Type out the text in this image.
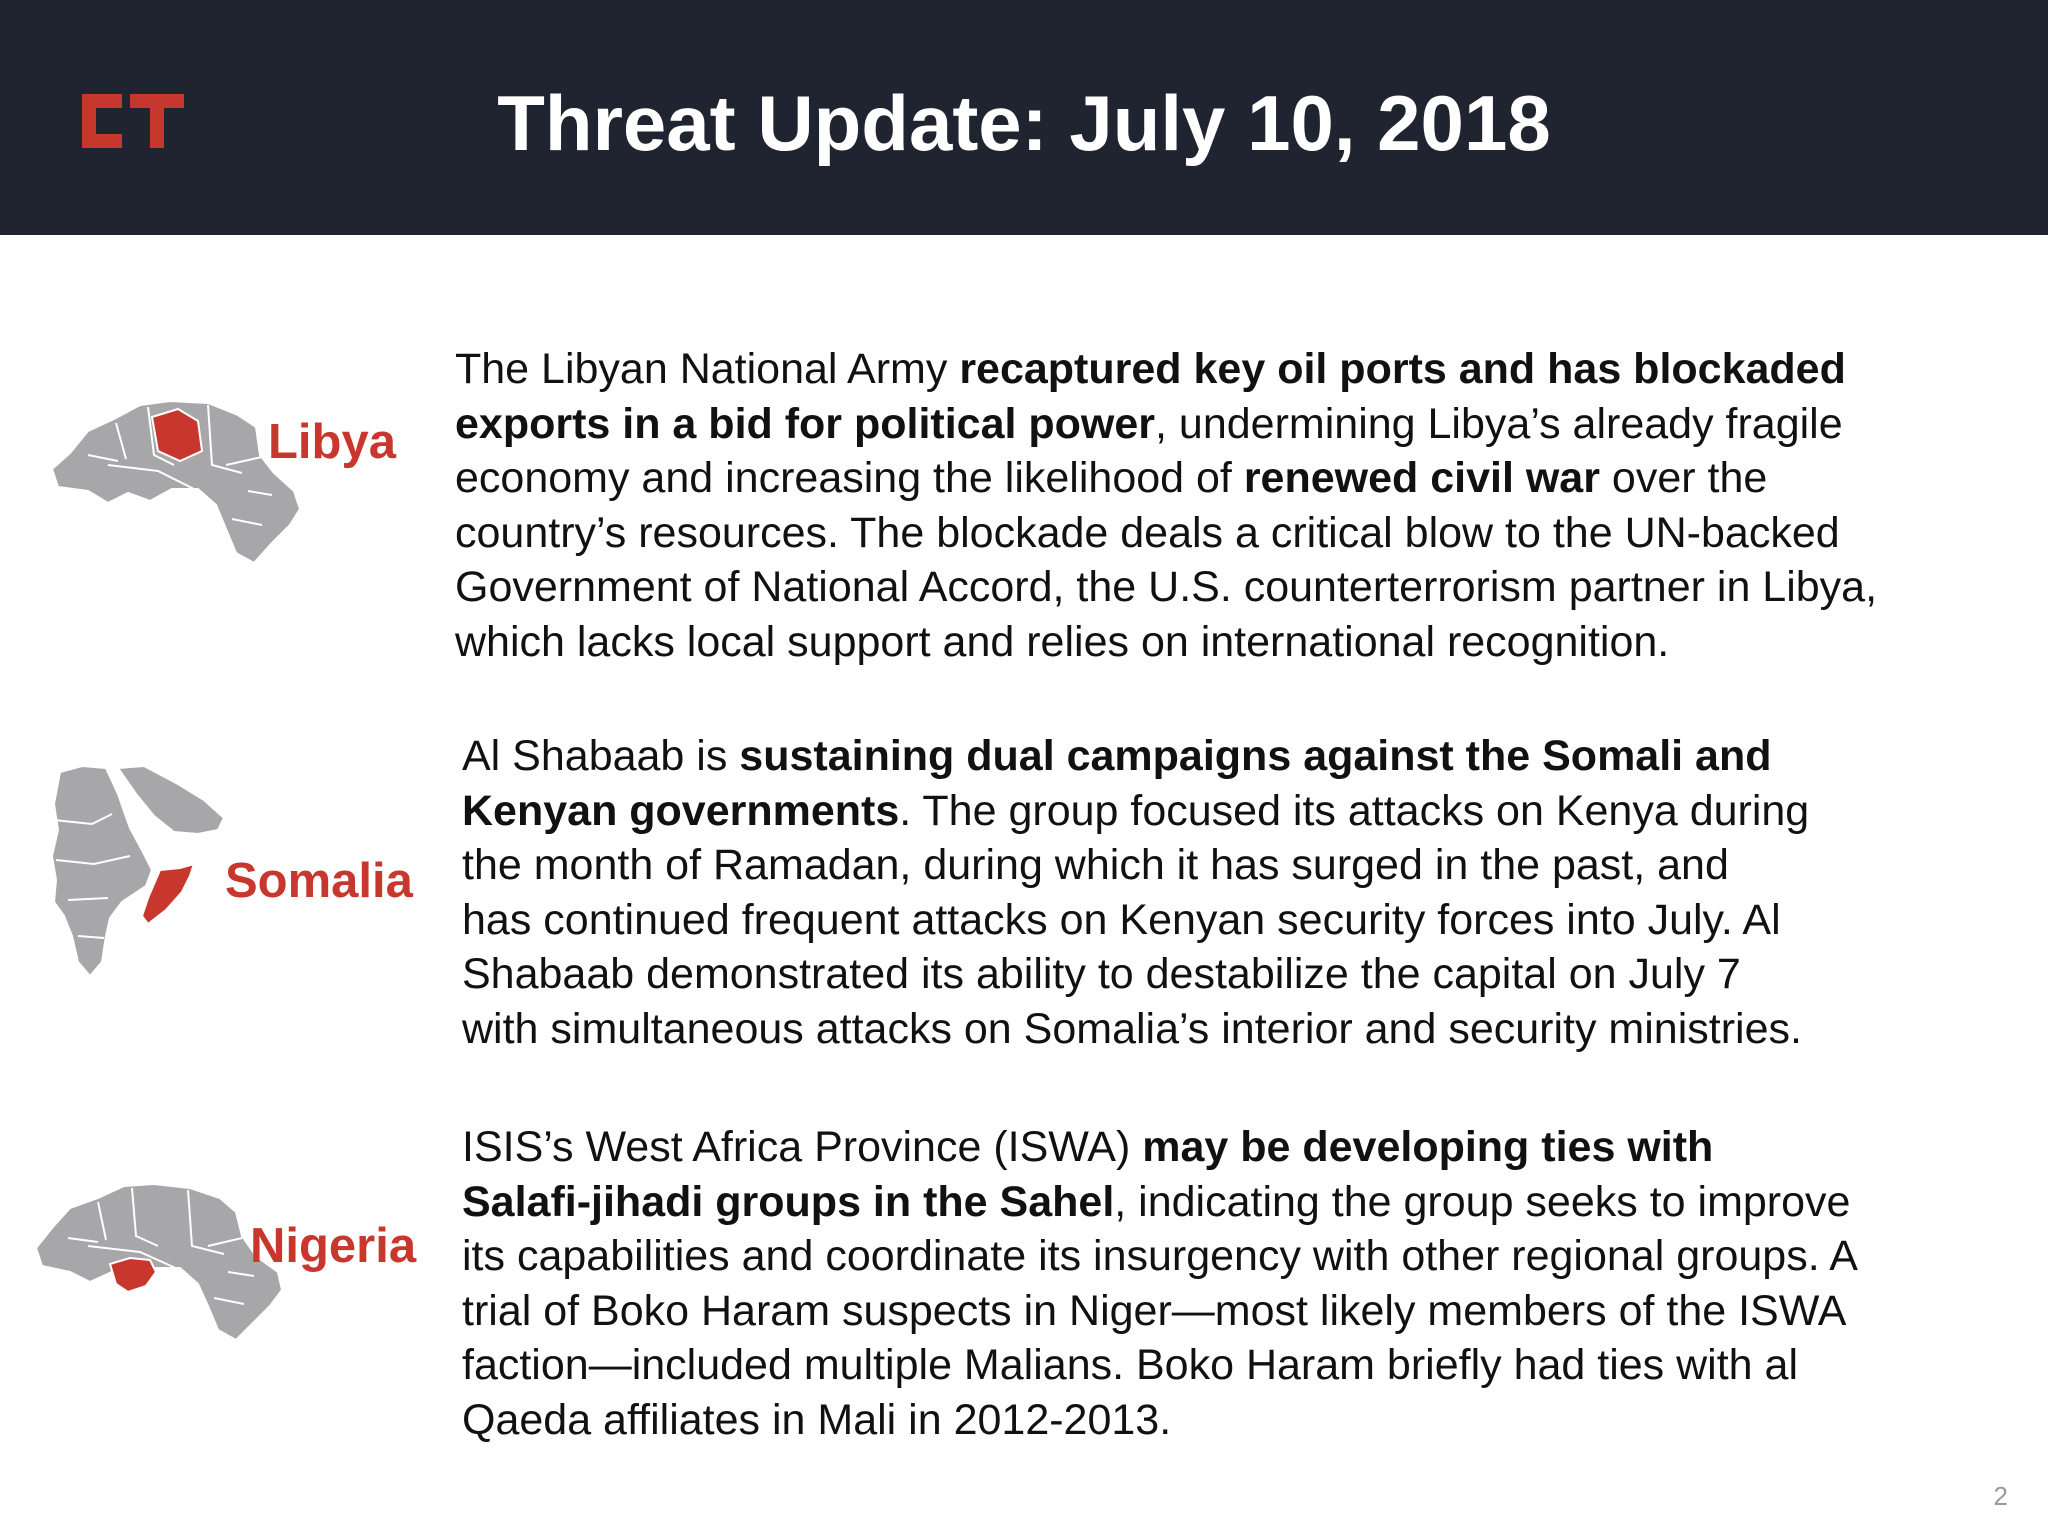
Threat Update: July 10, 2018
Libya
The Libyan National Army recaptured key oil ports and has blockaded
exports in a bid for political power, undermining Libya’s already fragile
economy and increasing the likelihood of renewed civil war over the
country’s resources. The blockade deals a critical blow to the UN-backed
Government of National Accord, the U.S. counterterrorism partner in Libya,
which lacks local support and relies on international recognition.
Somalia
Al Shabaab is sustaining dual campaigns against the Somali and
Kenyan governments. The group focused its attacks on Kenya during
the month of Ramadan, during which it has surged in the past, and
has continued frequent attacks on Kenyan security forces into July. Al
Shabaab demonstrated its ability to destabilize the capital on July 7
with simultaneous attacks on Somalia’s interior and security ministries.
Nigeria
ISIS’s West Africa Province (ISWA) may be developing ties with
Salafi-jihadi groups in the Sahel, indicating the group seeks to improve
its capabilities and coordinate its insurgency with other regional groups. A
trial of Boko Haram suspects in Niger—most likely members of the ISWA
faction—included multiple Malians. Boko Haram briefly had ties with al
Qaeda affiliates in Mali in 2012-2013.
2
